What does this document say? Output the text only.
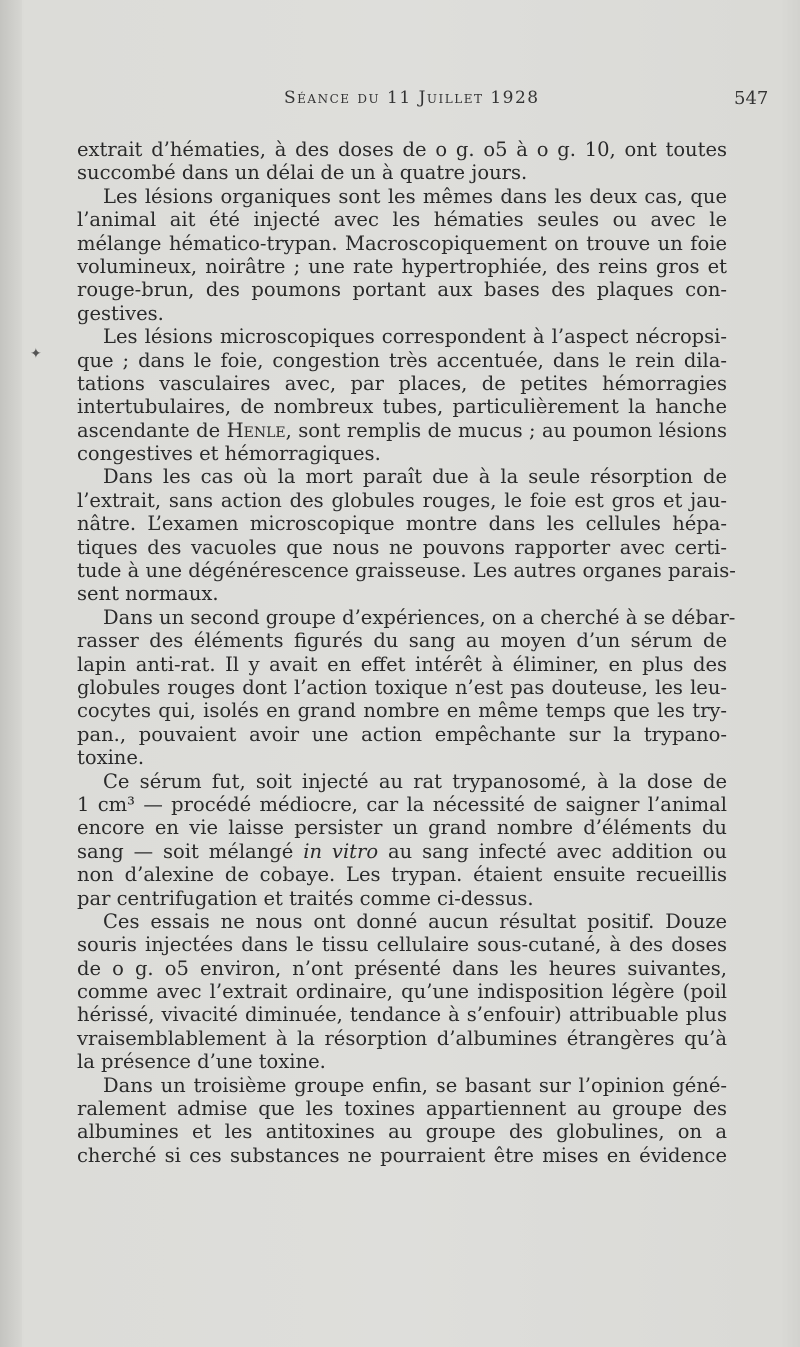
Séance du 11 Juillet 1928	547
extrait d’hématies, à des doses de o g. o5 à o g. 10, ont toutes
succombé dans un délai de un à quatre jours.
Les lésions organiques sont les mêmes dans les deux cas, que
l’animal ait été injecté avec les hématies seules ou avec le
mélange hématico-trypan. Macroscopiquement on trouve un foie
volumineux, noirâtre ; une rate hypertrophiée, des reins gros et
rouge-brun, des poumons portant aux bases des plaques con-
gestives.
Les lésions microscopiques correspondent à l’aspect nécropsi-
que ; dans le foie, congestion très accentuée, dans le rein dila-
tations vasculaires avec, par places, de petites hémorragies
intertubulaires, de nombreux tubes, particulièrement la hanche
ascendante de Henle, sont remplis de mucus ; au poumon lésions
congestives et hémorragiques.
Dans les cas où la mort paraît due à la seule résorption de
l’extrait, sans action des globules rouges, le foie est gros et jau-
nâtre. L’examen microscopique montre dans les cellules hépa-
tiques des vacuoles que nous ne pouvons rapporter avec certi-
tude à une dégénérescence graisseuse. Les autres organes parais-
sent normaux.
Dans un second groupe d’expériences, on a cherché à se débar-
rasser des éléments figurés du sang au moyen d’un sérum de
lapin anti-rat. Il y avait en effet intérêt à éliminer, en plus des
globules rouges dont l’action toxique n’est pas douteuse, les leu-
cocytes qui, isolés en grand nombre en même temps que les try-
pan., pouvaient avoir une action empêchante sur la trypano-
toxine.
Ce sérum fut, soit injecté au rat trypanosomé, à la dose de
1 cm³ — procédé médiocre, car la nécessité de saigner l’animal
encore en vie laisse persister un grand nombre d’éléments du
sang — soit mélangé in vitro au sang infecté avec addition ou
non d’alexine de cobaye. Les trypan. étaient ensuite recueillis
par centrifugation et traités comme ci-dessus.
Ces essais ne nous ont donné aucun résultat positif. Douze
souris injectées dans le tissu cellulaire sous-cutané, à des doses
de o g. o5 environ, n’ont présenté dans les heures suivantes,
comme avec l’extrait ordinaire, qu’une indisposition légère (poil
hérissé, vivacité diminuée, tendance à s’enfouir) attribuable plus
vraisemblablement à la résorption d’albumines étrangères qu’à
la présence d’une toxine.
Dans un troisième groupe enfin, se basant sur l’opinion géné-
ralement admise que les toxines appartiennent au groupe des
albumines et les antitoxines au groupe des globulines, on a
cherché si ces substances ne pourraient être mises en évidence
✦
